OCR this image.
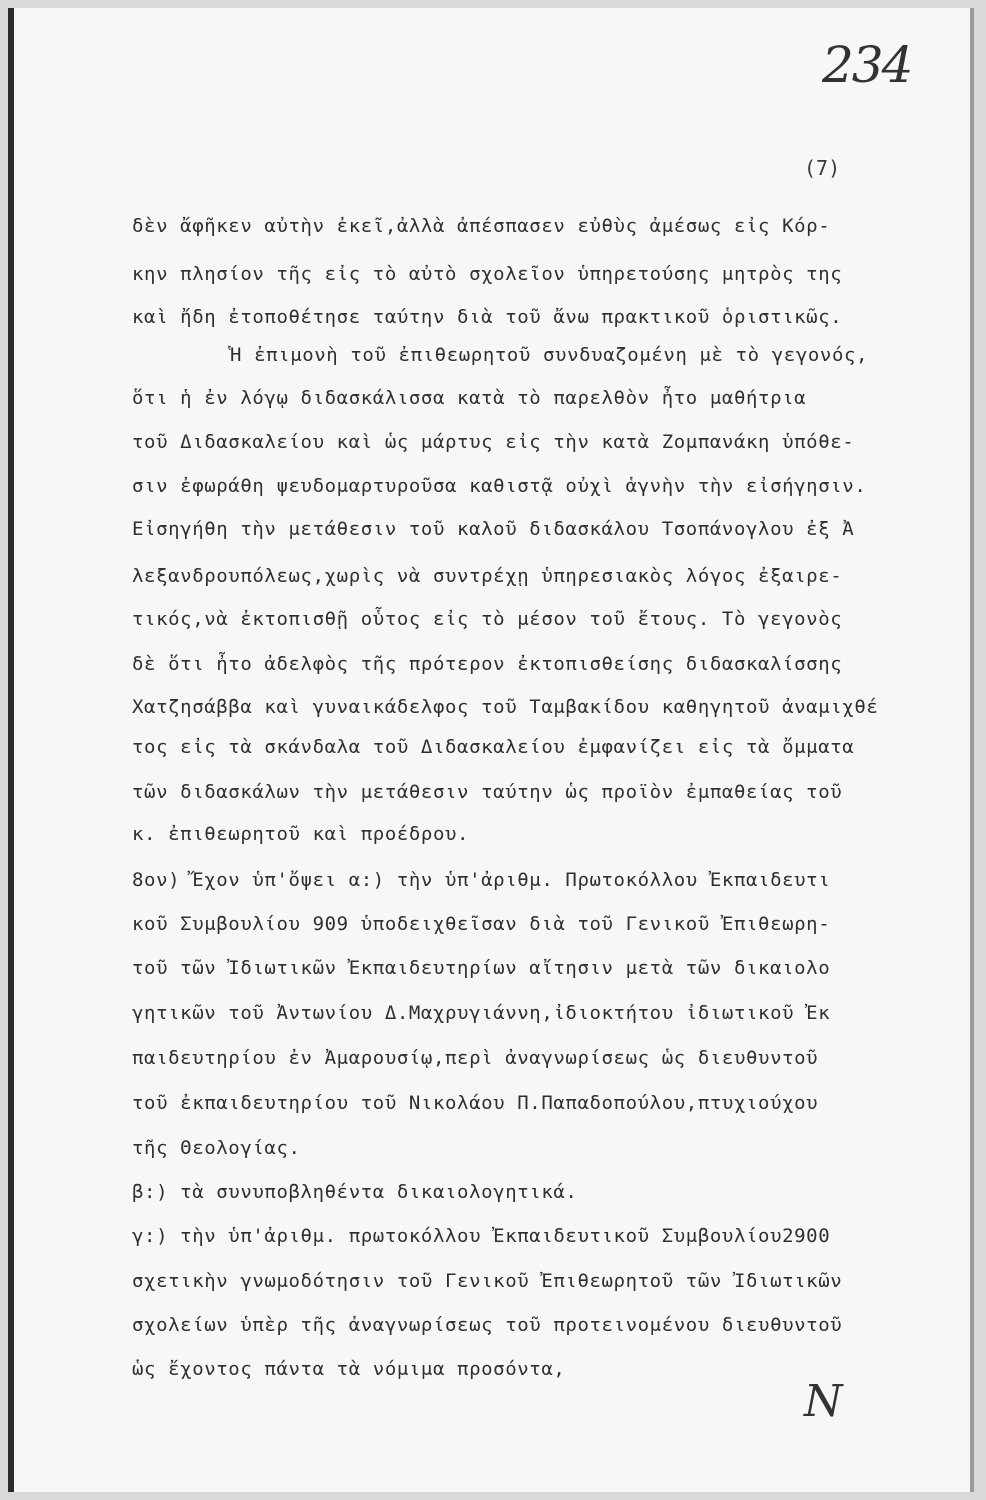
234
(7)
δὲν ἄφῆκεν αὐτὴν ἐκεῖ,ἀλλὰ ἀπέσπασεν εὐθὺς ἀμέσως εἰς Κόρ-
κην πλησίον τῆς εἰς τὸ αὐτὸ σχολεῖον ὑπηρετούσης μητρὸς της
καὶ ἤδη ἐτοποθέτησε ταύτην διὰ τοῦ ἄνω πρακτικοῦ ὁριστικῶς.
Ἡ ἐπιμονὴ τοῦ ἐπιθεωρητοῦ συνδυαζομένη μὲ τὸ γεγονός,
ὅτι ἡ ἐν λόγῳ διδασκάλισσα κατὰ τὸ παρελθὸν ἦτο μαθήτρια
τοῦ Διδασκαλείου καὶ ὡς μάρτυς εἰς τὴν κατὰ Ζομπανάκη ὑπόθε-
σιν ἐφωράθη ψευδομαρτυροῦσα καθιστᾷ οὐχὶ ἁγνὴν τὴν εἰσήγησιν.
Εἰσηγήθη τὴν μετάθεσιν τοῦ καλοῦ διδασκάλου Τσοπάνογλου ἐξ Ἀ
λεξανδρουπόλεως,χωρὶς νὰ συντρέχῃ ὑπηρεσιακὸς λόγος ἐξαιρε-
τικός,νὰ ἐκτοπισθῇ οὗτος εἰς τὸ μέσον τοῦ ἔτους. Τὸ γεγονὸς
δὲ ὅτι ἦτο ἀδελφὸς τῆς πρότερον ἐκτοπισθείσης διδασκαλίσσης
Χατζησάββα καὶ γυναικάδελφος τοῦ Ταμβακίδου καθηγητοῦ ἀναμιχθέ
τος εἰς τὰ σκάνδαλα τοῦ Διδασκαλείου ἐμφανίζει εἰς τὰ ὄμματα
τῶν διδασκάλων τὴν μετάθεσιν ταύτην ὡς προϊὸν ἐμπαθείας τοῦ
κ. ἐπιθεωρητοῦ καὶ προέδρου.
8ον) Ἔχον ὑπ'ὄψει α:) τὴν ὑπ'ἀριθμ. Πρωτοκόλλου Ἐκπαιδευτι
κοῦ Συμβουλίου 909 ὑποδειχθεῖσαν διὰ τοῦ Γενικοῦ Ἐπιθεωρη-
τοῦ τῶν Ἰδιωτικῶν Ἐκπαιδευτηρίων αἴτησιν μετὰ τῶν δικαιολο
γητικῶν τοῦ Ἀντωνίου Δ.Μαχρυγιάννη,ἰδιοκτήτου ἰδιωτικοῦ Ἐκ
παιδευτηρίου ἐν Ἀμαρουσίῳ,περὶ ἀναγνωρίσεως ὡς διευθυντοῦ
τοῦ ἐκπαιδευτηρίου τοῦ Νικολάου Π.Παπαδοπούλου,πτυχιούχου
τῆς Θεολογίας.
β:) τὰ συνυποβληθέντα δικαιολογητικά.
γ:) τὴν ὑπ'ἀριθμ. πρωτοκόλλου Ἐκπαιδευτικοῦ Συμβουλίου2900
σχετικὴν γνωμοδότησιν τοῦ Γενικοῦ Ἐπιθεωρητοῦ τῶν Ἰδιωτικῶν
σχολείων ὑπὲρ τῆς ἀναγνωρίσεως τοῦ προτεινομένου διευθυντοῦ
ὡς ἔχοντος πάντα τὰ νόμιμα προσόντα,
Ν
